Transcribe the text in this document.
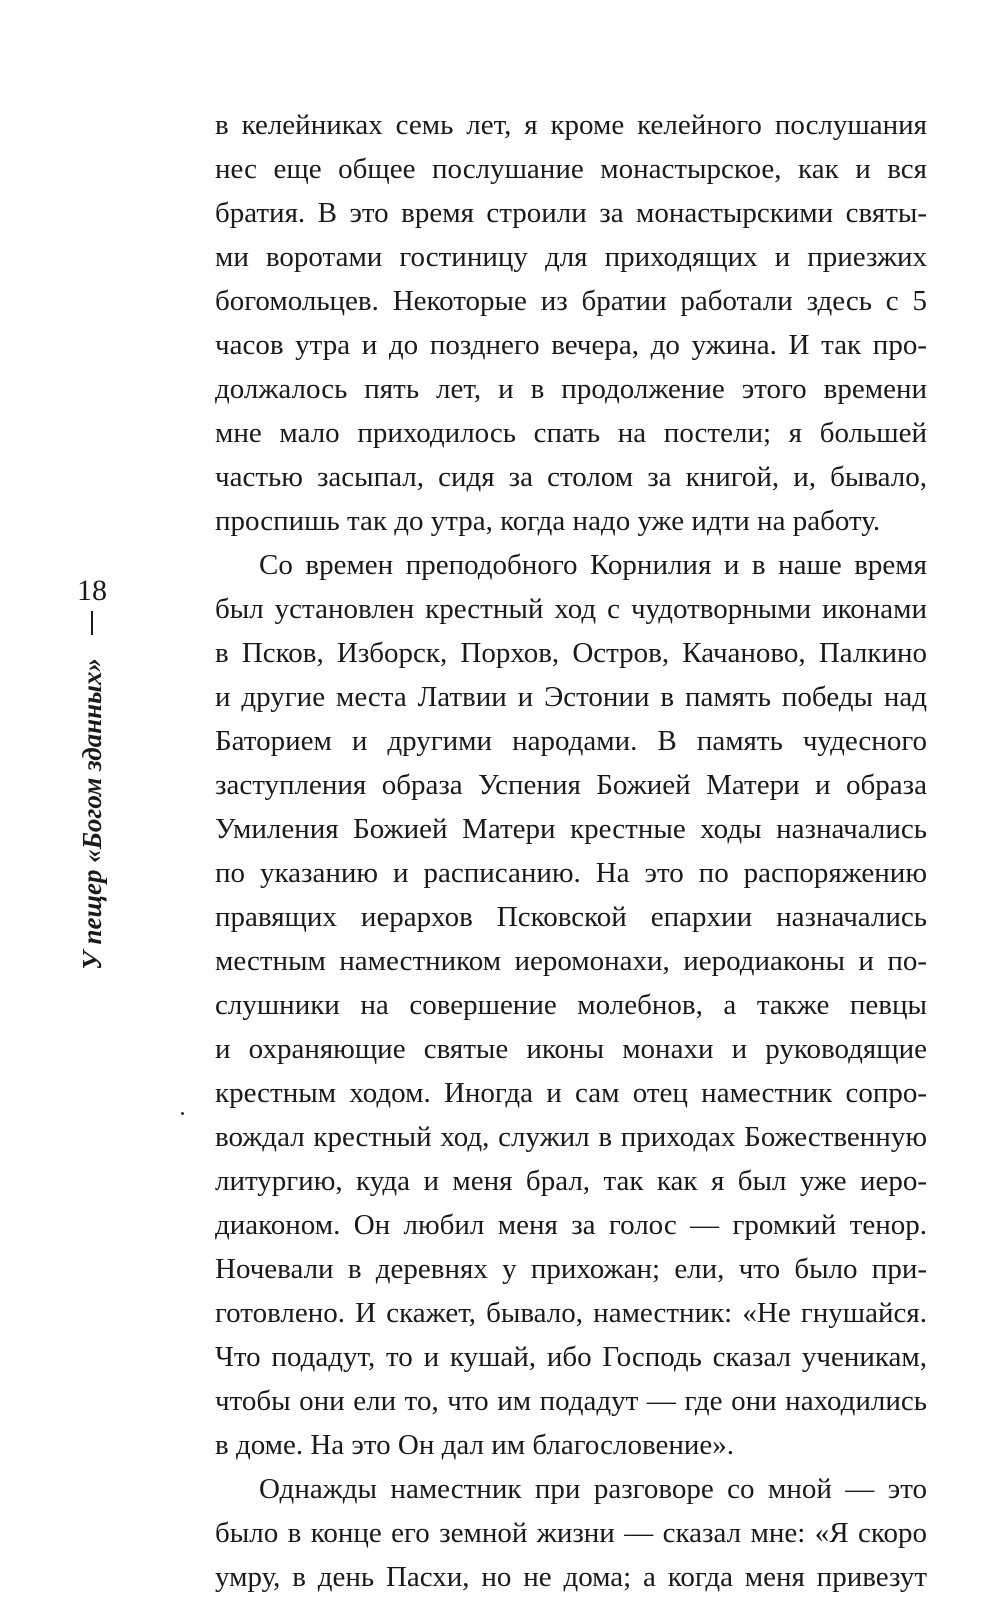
18
У пещер «Богом зданных»
в келейниках семь лет, я кроме келейного послушания
нес еще общее послушание монастырское, как и вся
братия. В это время строили за монастырскими святы-
ми воротами гостиницу для приходящих и приезжих
богомольцев. Некоторые из братии работали здесь с 5
часов утра и до позднего вечера, до ужина. И так про-
должалось пять лет, и в продолжение этого времени
мне мало приходилось спать на постели; я большей
частью засыпал, сидя за столом за книгой, и, бывало,
проспишь так до утра, когда надо уже идти на работу.
Со времен преподобного Корнилия и в наше время
был установлен крестный ход с чудотворными иконами
в Псков, Изборск, Порхов, Остров, Качаново, Палкино
и другие места Латвии и Эстонии в память победы над
Баторием и другими народами. В память чудесного
заступления образа Успения Божией Матери и образа
Умиления Божией Матери крестные ходы назначались
по указанию и расписанию. На это по распоряжению
правящих иерархов Псковской епархии назначались
местным наместником иеромонахи, иеродиаконы и по-
слушники на совершение молебнов, а также певцы
и охраняющие святые иконы монахи и руководящие
крестным ходом. Иногда и сам отец наместник сопро-
вождал крестный ход, служил в приходах Божественную
литургию, куда и меня брал, так как я был уже иеро-
диаконом. Он любил меня за голос — громкий тенор.
Ночевали в деревнях у прихожан; ели, что было при-
готовлено. И скажет, бывало, наместник: «Не гнушайся.
Что подадут, то и кушай, ибо Господь сказал ученикам,
чтобы они ели то, что им подадут — где они находились
в доме. На это Он дал им благословение».
Однажды наместник при разговоре со мной — это
было в конце его земной жизни — сказал мне: «Я скоро
умру, в день Пасхи, но не дома; а когда меня привезут
